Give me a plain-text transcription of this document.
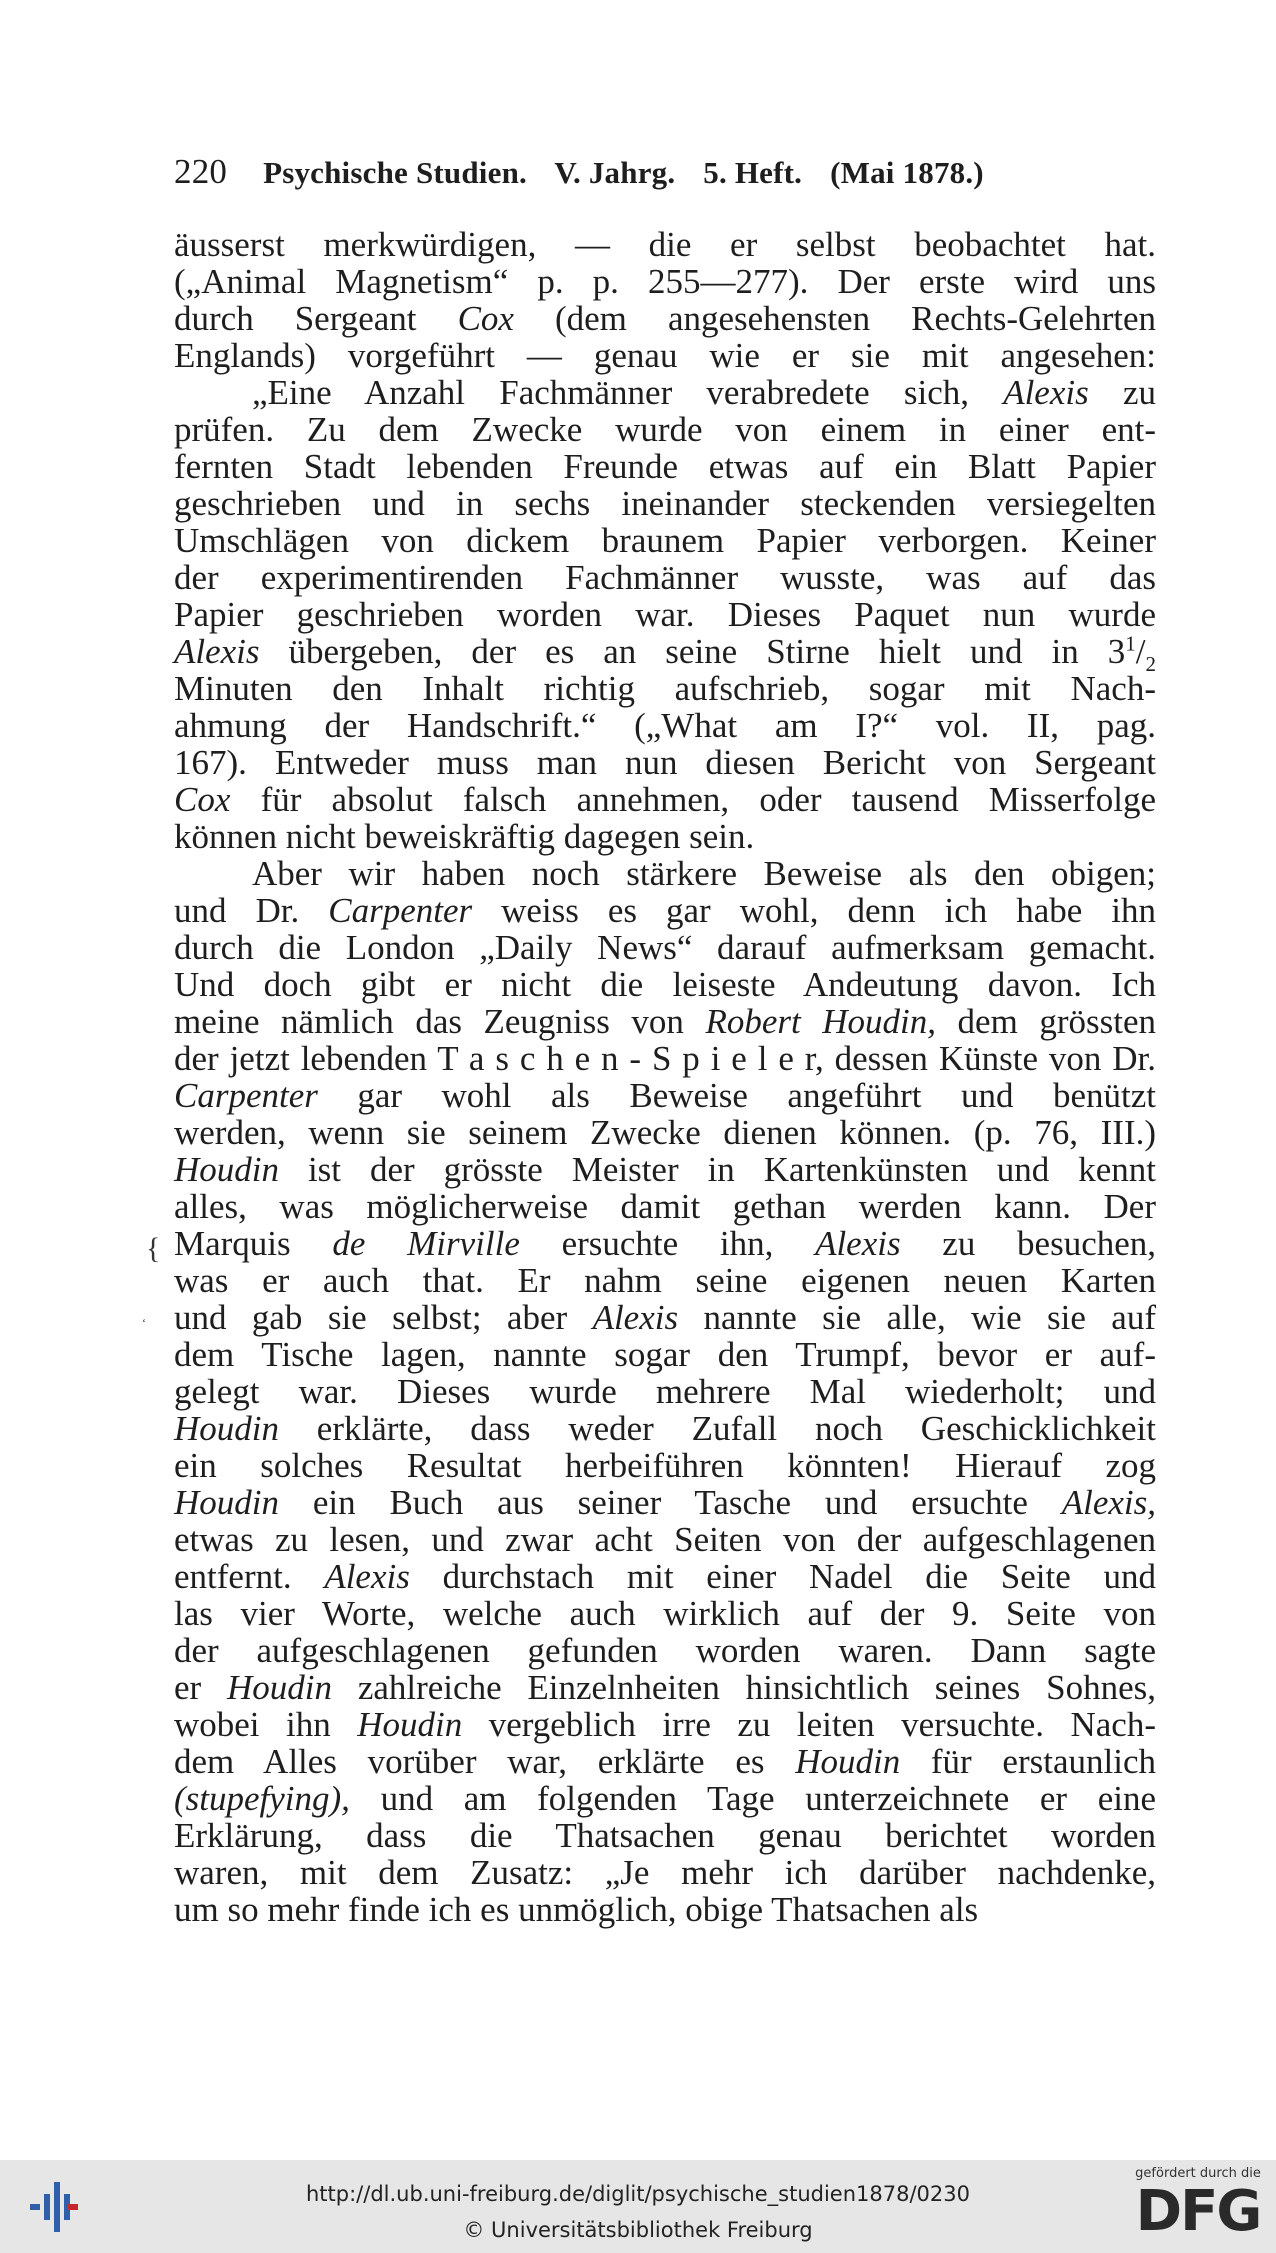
220 Psychische Studien. V. Jahrg. 5. Heft. (Mai 1878.)
äusserst merkwürdigen, — die er selbst beobachtet hat.
(„Animal Magnetism“ p. p. 255—277). Der erste wird uns
durch Sergeant Cox (dem angesehensten Rechts-Gelehrten
Englands) vorgeführt — genau wie er sie mit angesehen:
„Eine Anzahl Fachmänner verabredete sich, Alexis zu
prüfen. Zu dem Zwecke wurde von einem in einer ent-
fernten Stadt lebenden Freunde etwas auf ein Blatt Papier
geschrieben und in sechs ineinander steckenden versiegelten
Umschlägen von dickem braunem Papier verborgen. Keiner
der experimentirenden Fachmänner wusste, was auf das
Papier geschrieben worden war. Dieses Paquet nun wurde
Alexis übergeben, der es an seine Stirne hielt und in $3^1/_2$
Minuten den Inhalt richtig aufschrieb, sogar mit Nach-
ahmung der Handschrift.“ („What am I?“ vol. II, pag.
167). Entweder muss man nun diesen Bericht von Sergeant
Cox für absolut falsch annehmen, oder tausend Misserfolge
können nicht beweiskräftig dagegen sein.
Aber wir haben noch stärkere Beweise als den obigen;
und Dr. Carpenter weiss es gar wohl, denn ich habe ihn
durch die London „Daily News“ darauf aufmerksam gemacht.
Und doch gibt er nicht die leiseste Andeutung davon. Ich
meine nämlich das Zeugniss von Robert Houdin, dem grössten
der jetzt lebenden T a s c h e n - S p i e l e r, dessen Künste von Dr.
Carpenter gar wohl als Beweise angeführt und benützt
werden, wenn sie seinem Zwecke dienen können. (p. 76, III.)
Houdin ist der grösste Meister in Kartenkünsten und kennt
alles, was möglicherweise damit gethan werden kann. Der
Marquis de Mirville ersuchte ihn, Alexis zu besuchen,
was er auch that. Er nahm seine eigenen neuen Karten
und gab sie selbst; aber Alexis nannte sie alle, wie sie auf
dem Tische lagen, nannte sogar den Trumpf, bevor er auf-
gelegt war. Dieses wurde mehrere Mal wiederholt; und
Houdin erklärte, dass weder Zufall noch Geschicklichkeit
ein solches Resultat herbeiführen könnten! Hierauf zog
Houdin ein Buch aus seiner Tasche und ersuchte Alexis,
etwas zu lesen, und zwar acht Seiten von der aufgeschlagenen
entfernt. Alexis durchstach mit einer Nadel die Seite und
las vier Worte, welche auch wirklich auf der 9. Seite von
der aufgeschlagenen gefunden worden waren. Dann sagte
er Houdin zahlreiche Einzelnheiten hinsichtlich seines Sohnes,
wobei ihn Houdin vergeblich irre zu leiten versuchte. Nach-
dem Alles vorüber war, erklärte es Houdin für erstaunlich
(stupefying), und am folgenden Tage unterzeichnete er eine
Erklärung, dass die Thatsachen genau berichtet worden
waren, mit dem Zusatz: „Je mehr ich darüber nachdenke,
um so mehr finde ich es unmöglich, obige Thatsachen als
{
‘
http://dl.ub.uni-freiburg.de/diglit/psychische_studien1878/0230
© Universitätsbibliothek Freiburg
gefördert durch die
DFG
